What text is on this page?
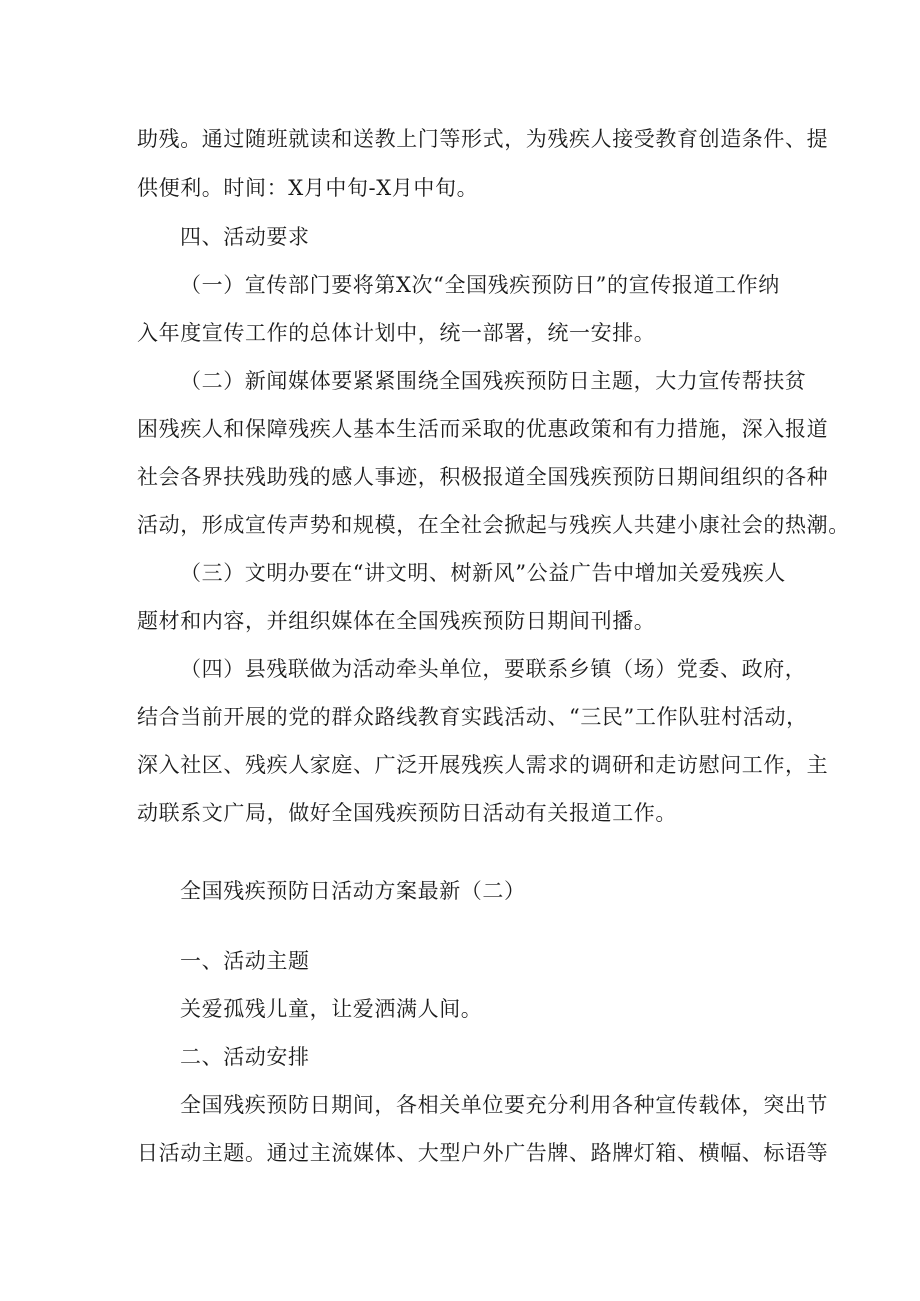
助残。通过随班就读和送教上门等形式，为残疾人接受教育创造条件、提
供便利。时间：X月中旬-X月中旬。
四、活动要求
（一）宣传部门要将第X次“全国残疾预防日”的宣传报道工作纳
入年度宣传工作的总体计划中，统一部署，统一安排。
（二）新闻媒体要紧紧围绕全国残疾预防日主题，大力宣传帮扶贫
困残疾人和保障残疾人基本生活而采取的优惠政策和有力措施，深入报道
社会各界扶残助残的感人事迹，积极报道全国残疾预防日期间组织的各种
活动，形成宣传声势和规模，在全社会掀起与残疾人共建小康社会的热潮。
（三）文明办要在“讲文明、树新风”公益广告中增加关爱残疾人
题材和内容，并组织媒体在全国残疾预防日期间刊播。
（四）县残联做为活动牵头单位，要联系乡镇（场）党委、政府，
结合当前开展的党的群众路线教育实践活动、“三民”工作队驻村活动，
深入社区、残疾人家庭、广泛开展残疾人需求的调研和走访慰问工作，主
动联系文广局，做好全国残疾预防日活动有关报道工作。
全国残疾预防日活动方案最新（二）
一、活动主题
关爱孤残儿童，让爱洒满人间。
二、活动安排
全国残疾预防日期间，各相关单位要充分利用各种宣传载体，突出节
日活动主题。通过主流媒体、大型户外广告牌、路牌灯箱、横幅、标语等
